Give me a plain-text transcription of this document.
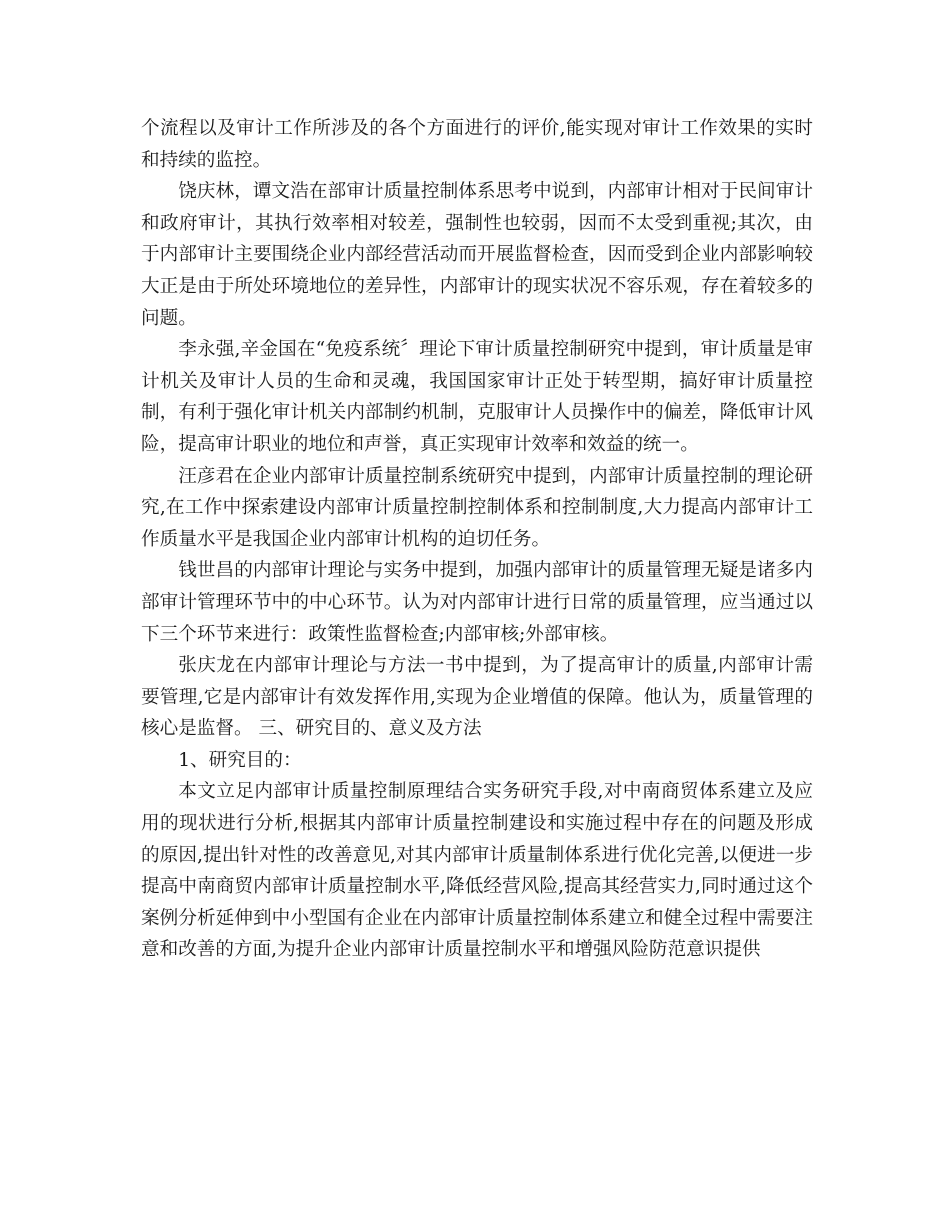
个流程以及审计工作所涉及的各个方面进行的评价,能实现对审计工作效果的实时和持续的监控。

饶庆林，谭文浩在部审计质量控制体系思考中说到，内部审计相对于民间审计和政府审计，其执行效率相对较差，强制性也较弱，因而不太受到重视;其次，由于内部审计主要围绕企业内部经营活动而开展监督检查，因而受到企业内部影响较大正是由于所处环境地位的差异性，内部审计的现实状况不容乐观，存在着较多的问题。

李永强,辛金国在“免疫系统〞理论下审计质量控制研究中提到，审计质量是审计机关及审计人员的生命和灵魂，我国国家审计正处于转型期，搞好审计质量控制，有利于强化审计机关内部制约机制，克服审计人员操作中的偏差，降低审计风险，提高审计职业的地位和声誉，真正实现审计效率和效益的统一。

汪彦君在企业内部审计质量控制系统研究中提到，内部审计质量控制的理论研究,在工作中探索建设内部审计质量控制控制体系和控制制度,大力提高内部审计工作质量水平是我国企业内部审计机构的迫切任务。

钱世昌的内部审计理论与实务中提到，加强内部审计的质量管理无疑是诸多内部审计管理环节中的中心环节。认为对内部审计进行日常的质量管理，应当通过以下三个环节来进行：政策性监督检查;内部审核;外部审核。

张庆龙在内部审计理论与方法一书中提到，为了提高审计的质量,内部审计需要管理,它是内部审计有效发挥作用,实现为企业增值的保障。他认为，质量管理的核心是监督。 三、研究目的、意义及方法

1、研究目的：

本文立足内部审计质量控制原理结合实务研究手段,对中南商贸体系建立及应用的现状进行分析,根据其内部审计质量控制建设和实施过程中存在的问题及形成的原因,提出针对性的改善意见,对其内部审计质量制体系进行优化完善,以便进一步提高中南商贸内部审计质量控制水平,降低经营风险,提高其经营实力,同时通过这个案例分析延伸到中小型国有企业在内部审计质量控制体系建立和健全过程中需要注意和改善的方面,为提升企业内部审计质量控制水平和增强风险防范意识提供
